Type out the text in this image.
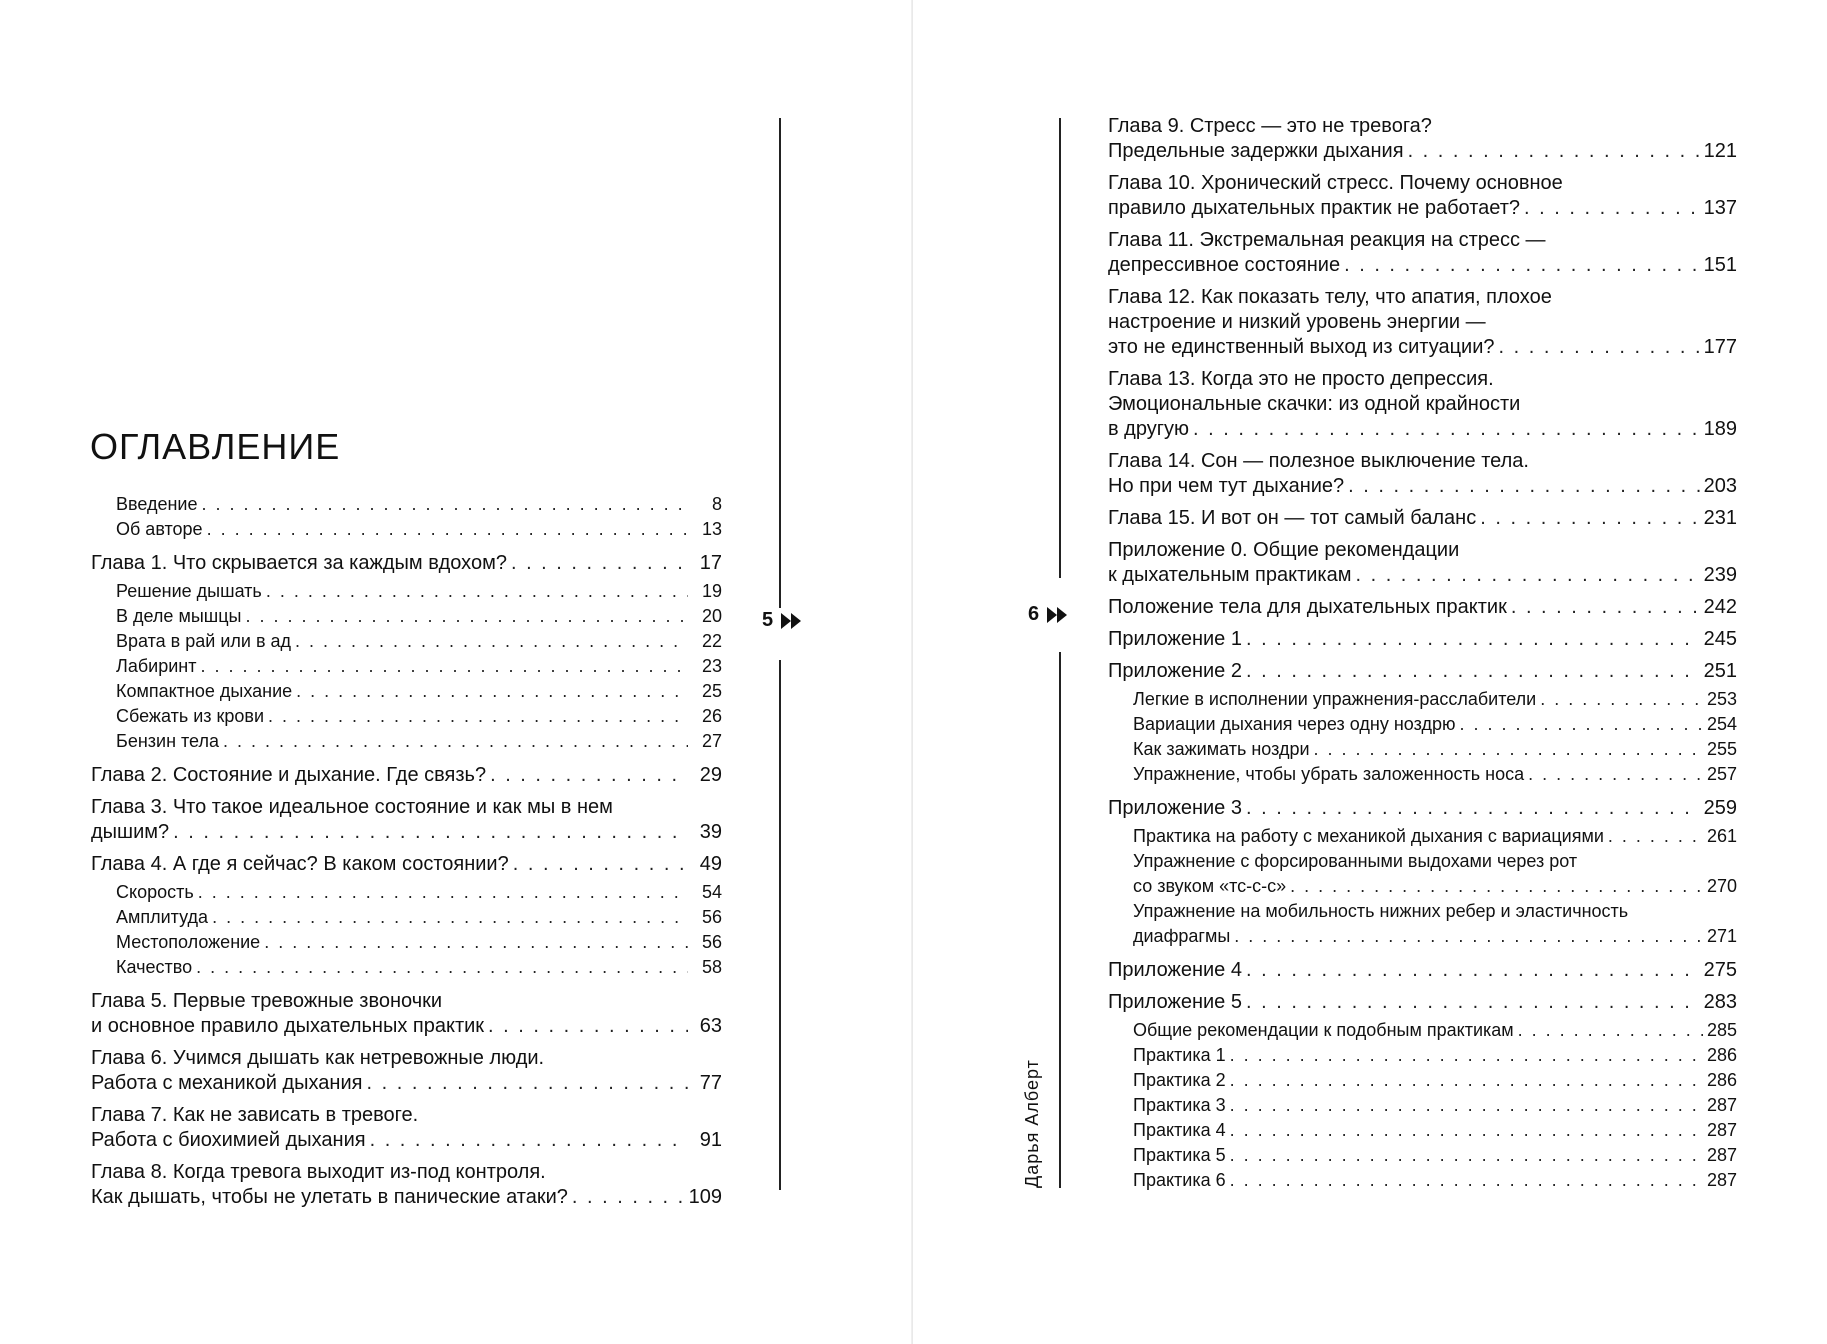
ОГЛАВЛЕНИЕ
Введение . . .	8
Об авторе . . .	13
Глава 1. Что скрывается за каждым вдохом? . . .	17
Решение дышать . . .	19
В деле мышцы . . .	20
Врата в рай или в ад . . .	22
Лабиринт . . .	23
Компактное дыхание . . .	25
Сбежать из крови . . .	26
Бензин тела . . .	27
Глава 2. Состояние и дыхание. Где связь? . . .	29
Глава 3. Что такое идеальное состояние и как мы в нем
дышим? . . .	39
Глава 4. А где я сейчас? В каком состоянии? . . .	49
Скорость . . .	54
Амплитуда . . .	56
Местоположение . . .	56
Качество . . .	58
Глава 5. Первые тревожные звоночки
и основное правило дыхательных практик . . .	63
Глава 6. Учимся дышать как нетревожные люди.
Работа с механикой дыхания . . .	77
Глава 7. Как не зависать в тревоге.
Работа с биохимией дыхания . . .	91
Глава 8. Когда тревога выходит из-под контроля.
Как дышать, чтобы не улетать в панические атаки? . . .	109
5	6
Дарья Алберт
Глава 9. Стресс — это не тревога?
Предельные задержки дыхания . . .	121
Глава 10. Хронический стресс. Почему основное
правило дыхательных практик не работает? . . .	137
Глава 11. Экстремальная реакция на стресс —
депрессивное состояние . . .	151
Глава 12. Как показать телу, что апатия, плохое
настроение и низкий уровень энергии —
это не единственный выход из ситуации? . . .	177
Глава 13. Когда это не просто депрессия.
Эмоциональные скачки: из одной крайности
в другую . . .	189
Глава 14. Сон — полезное выключение тела.
Но при чем тут дыхание? . . .	203
Глава 15. И вот он — тот самый баланс . . .	231
Приложение 0. Общие рекомендации
к дыхательным практикам . . .	239
Положение тела для дыхательных практик . . .	242
Приложение 1 . . .	245
Приложение 2 . . .	251
Легкие в исполнении упражнения-расслабители . . .	253
Вариации дыхания через одну ноздрю . . .	254
Как зажимать ноздри . . .	255
Упражнение, чтобы убрать заложенность носа . . .	257
Приложение 3 . . .	259
Практика на работу с механикой дыхания с вариациями . . .	261
Упражнение с форсированными выдохами через рот
со звуком «тс-с-с» . . .	270
Упражнение на мобильность нижних ребер и эластичность
диафрагмы . . .	271
Приложение 4 . . .	275
Приложение 5 . . .	283
Общие рекомендации к подобным практикам . . .	285
Практика 1 . . .	286
Практика 2 . . .	286
Практика 3 . . .	287
Практика 4 . . .	287
Практика 5 . . .	287
Практика 6 . . .	287
